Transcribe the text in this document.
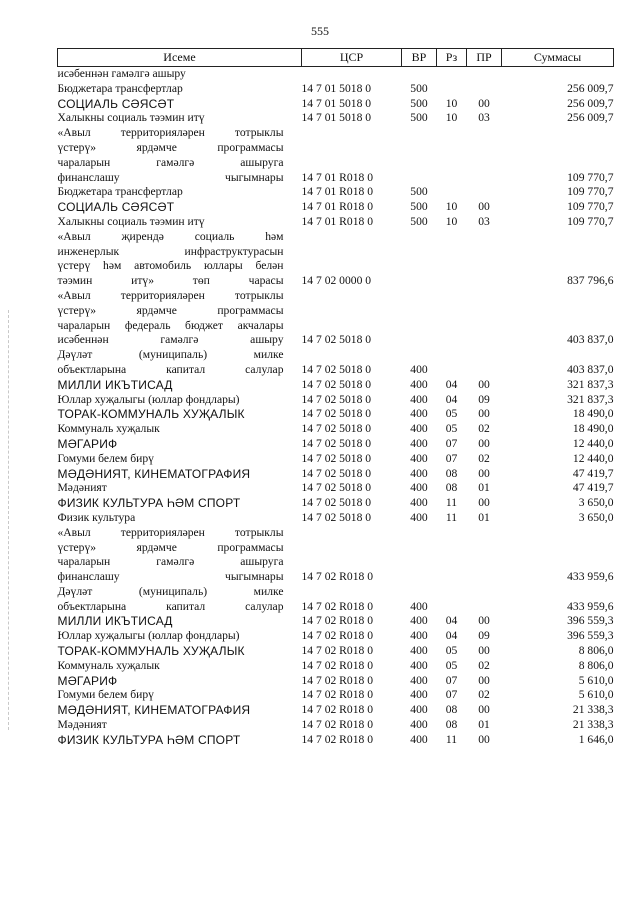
555
Исеме	ЦСР	ВР	Рз	ПР	Суммасы

исәбеннән гамәлгә ашыру					

Бюджетара трансфертлар	14 7 01 5018 0	500			256 009,7

СОЦИАЛЬ СӘЯСӘТ	14 7 01 5018 0	500	10	00	256 009,7

Халыкны социаль тәэмин итү	14 7 01 5018 0	500	10	03	256 009,7

«Авыл территорияләрен тотрыклы
үстерү» ярдәмче программасы
чараларын гамәлгә ашыруга
финанслашу чыгымнары	14 7 01 R018 0				109 770,7

Бюджетара трансфертлар	14 7 01 R018 0	500			109 770,7

СОЦИАЛЬ СӘЯСӘТ	14 7 01 R018 0	500	10	00	109 770,7

Халыкны социаль тәэмин итү	14 7 01 R018 0	500	10	03	109 770,7

«Авыл җирендә социаль һәм
инженерлык инфраструктурасын
үстерү һәм автомобиль юллары белән
тәэмин итү» төп чарасы	14 7 02 0000 0				837 796,6

«Авыл территорияләрен тотрыклы
үстерү» ярдәмче программасы
чараларын федераль бюджет акчалары
исәбеннән гамәлгә ашыру	14 7 02 5018 0				403 837,0

Дәүләт (муниципаль) милке
объектларына капитал салулар	14 7 02 5018 0	400			403 837,0

МИЛЛИ ИКЪТИСАД	14 7 02 5018 0	400	04	00	321 837,3

Юллар хуҗалыгы (юллар фондлары)	14 7 02 5018 0	400	04	09	321 837,3

ТОРАК-КОММУНАЛЬ ХУҖАЛЫК	14 7 02 5018 0	400	05	00	18 490,0

Коммуналь хуҗалык	14 7 02 5018 0	400	05	02	18 490,0

МӘГАРИФ	14 7 02 5018 0	400	07	00	12 440,0

Гомуми белем бирү	14 7 02 5018 0	400	07	02	12 440,0

МӘДӘНИЯТ, КИНЕМАТОГРАФИЯ	14 7 02 5018 0	400	08	00	47 419,7

Мәдәният	14 7 02 5018 0	400	08	01	47 419,7

ФИЗИК КУЛЬТУРА ҺӘМ СПОРТ	14 7 02 5018 0	400	11	00	3 650,0

Физик культура	14 7 02 5018 0	400	11	01	3 650,0

«Авыл территорияләрен тотрыклы
үстерү» ярдәмче программасы
чараларын гамәлгә ашыруга
финанслашу чыгымнары	14 7 02 R018 0				433 959,6

Дәүләт (муниципаль) милке
объектларына капитал салулар	14 7 02 R018 0	400			433 959,6

МИЛЛИ ИКЪТИСАД	14 7 02 R018 0	400	04	00	396 559,3

Юллар хуҗалыгы (юллар фондлары)	14 7 02 R018 0	400	04	09	396 559,3

ТОРАК-КОММУНАЛЬ ХУҖАЛЫК	14 7 02 R018 0	400	05	00	8 806,0

Коммуналь хуҗалык	14 7 02 R018 0	400	05	02	8 806,0

МӘГАРИФ	14 7 02 R018 0	400	07	00	5 610,0

Гомуми белем бирү	14 7 02 R018 0	400	07	02	5 610,0

МӘДӘНИЯТ, КИНЕМАТОГРАФИЯ	14 7 02 R018 0	400	08	00	21 338,3

Мәдәният	14 7 02 R018 0	400	08	01	21 338,3

ФИЗИК КУЛЬТУРА ҺӘМ СПОРТ	14 7 02 R018 0	400	11	00	1 646,0
